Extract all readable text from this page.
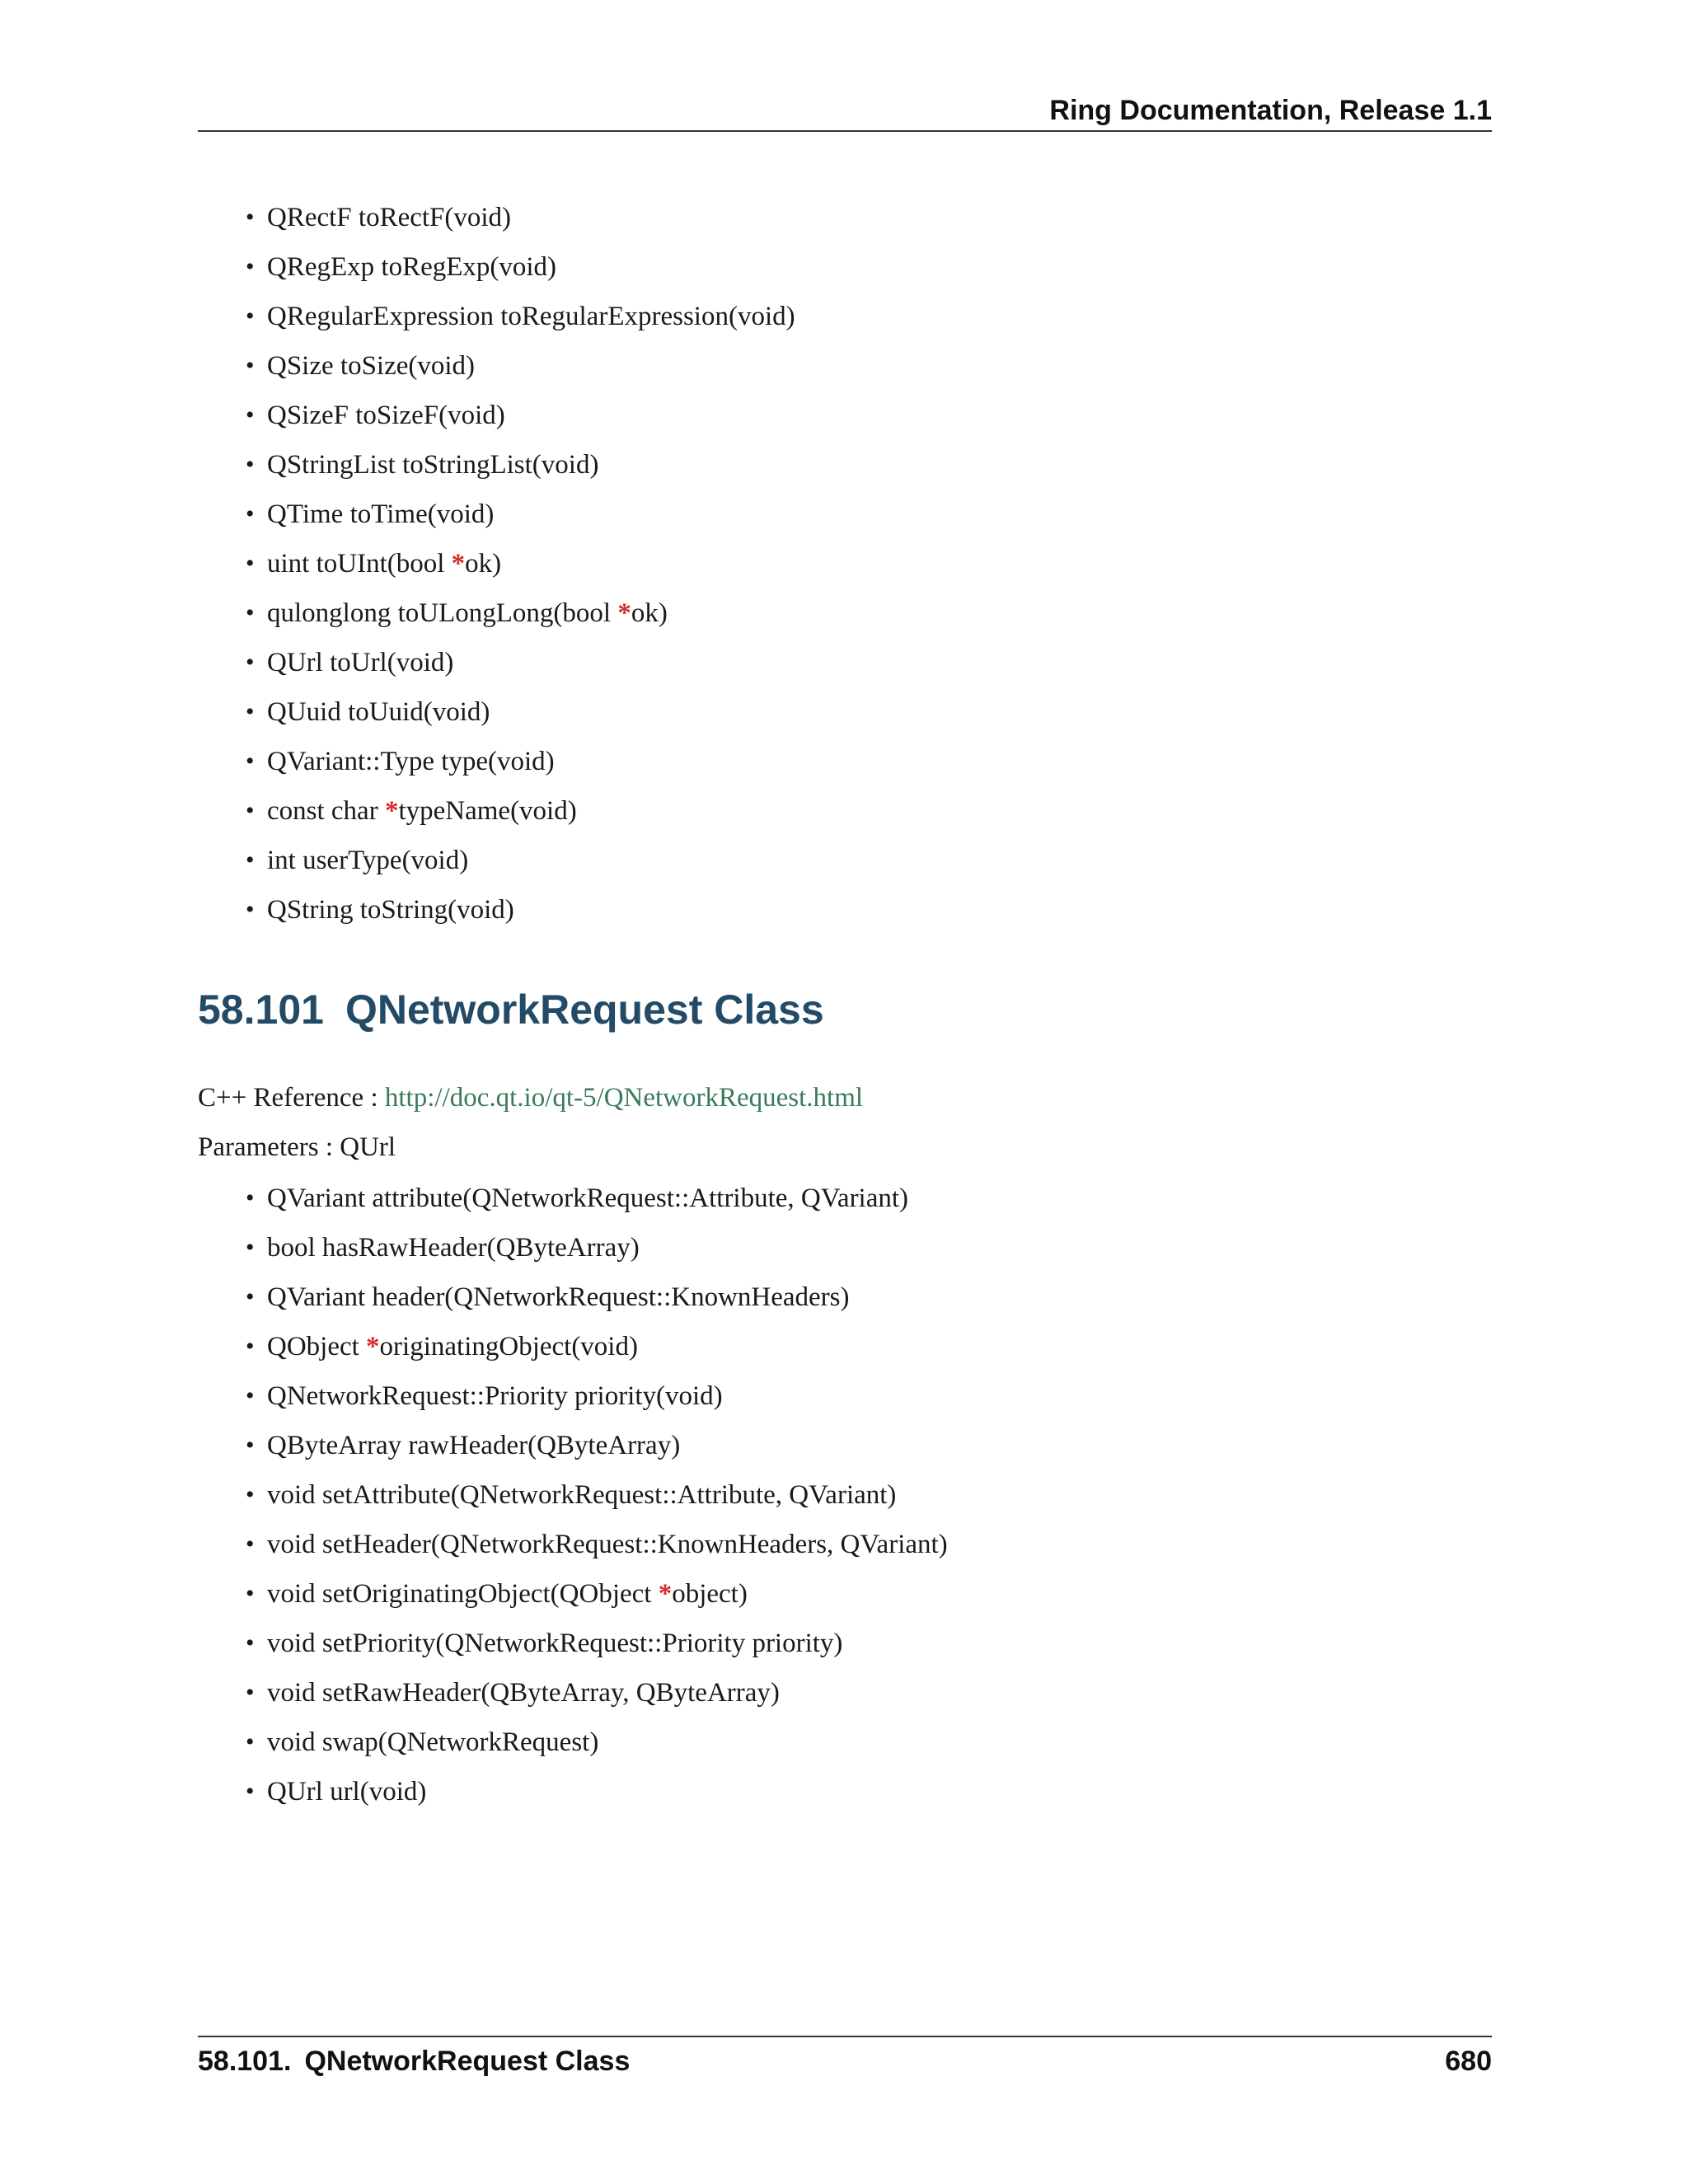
Ring Documentation, Release 1.1
• QRectF toRectF(void)
• QRegExp toRegExp(void)
• QRegularExpression toRegularExpression(void)
• QSize toSize(void)
• QSizeF toSizeF(void)
• QStringList toStringList(void)
• QTime toTime(void)
• uint toUInt(bool *ok)
• qulonglong toULongLong(bool *ok)
• QUrl toUrl(void)
• QUuid toUuid(void)
• QVariant::Type type(void)
• const char *typeName(void)
• int userType(void)
• QString toString(void)
58.101 QNetworkRequest Class
C++ Reference : http://doc.qt.io/qt-5/QNetworkRequest.html
Parameters : QUrl
• QVariant attribute(QNetworkRequest::Attribute, QVariant)
• bool hasRawHeader(QByteArray)
• QVariant header(QNetworkRequest::KnownHeaders)
• QObject *originatingObject(void)
• QNetworkRequest::Priority priority(void)
• QByteArray rawHeader(QByteArray)
• void setAttribute(QNetworkRequest::Attribute, QVariant)
• void setHeader(QNetworkRequest::KnownHeaders, QVariant)
• void setOriginatingObject(QObject *object)
• void setPriority(QNetworkRequest::Priority priority)
• void setRawHeader(QByteArray, QByteArray)
• void swap(QNetworkRequest)
• QUrl url(void)
58.101. QNetworkRequest Class	680
